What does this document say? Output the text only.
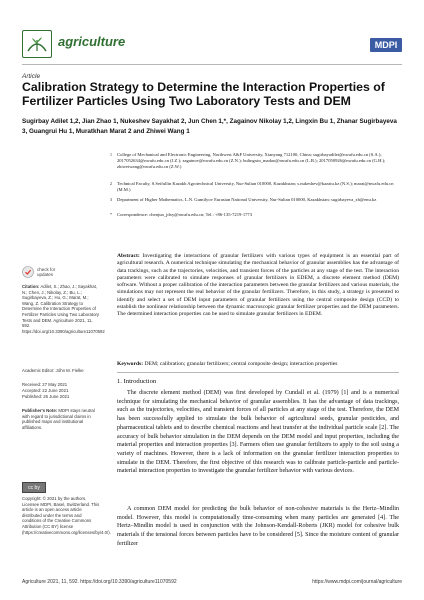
agriculture	MDPI
Article
Calibration Strategy to Determine the Interaction Properties of Fertilizer Particles Using Two Laboratory Tests and DEM
Sugirbay Adilet 1,2, Jian Zhao 1, Nukeshev Sayakhat 2, Jun Chen 1,*, Zagainov Nikolay 1,2, Lingxin Bu 1, Zhanar Sugirbayeva 3, Guangrui Hu 1, Muratkhan Marat 2 and Zhiwei Wang 1
1 College of Mechanical and Electronic Engineering, Northwest A&F University, Xianyang 712100, China; sugirbayadilet@nwafu.edu.cn (S.A.); 2017052634@nwafu.edu.cn (J.Z.); zagainov@nwafu.edu.cn (Z.N.); bulingxin_madao@nwafu.edu.cn (L.B.); 2017050926@nwafu.edu.cn (G.H.); zhiweiwang@nwafu.edu.cn (Z.W.)
2 Technical Faculty, S.Seifullin Kazakh Agrotechnical University, Nur-Sultan 010000, Kazakhstan; s.nukeshev@kazatu.kz (N.S.); marat@nwafu.edu.cn (M.M.)
3 Department of Higher Mathematics, L.N. Gumilyov Eurasian National University, Nur-Sultan 010000, Kazakhstan; sugirbayeva_zh@enu.kz
* Correspondence: chenjun_jdxy@nwafu.edu.cn; Tel.: +86-135-7219-1773
Abstract: Investigating the interactions of granular fertilizers with various types of equipment is an essential part of agricultural research. A numerical technique simulating the mechanical behavior of granular assemblies has the advantage of data trackings, such as the trajectories, velocities, and transient forces of the particles at any stage of the test. The interaction parameters were calibrated to simulate responses of granular fertilizers in EDEM, a discrete element method (DEM) software. Without a proper calibration of the interaction parameters between the granular fertilizers and various materials, the simulations may not represent the real behavior of the granular fertilizers. Therefore, in this study, a strategy is presented to identify and select a set of DEM input parameters of granular fertilizers using the central composite design (CCD) to establish the nonlinear relationship between the dynamic macroscopic granular fertilizer properties and the DEM parameters. The determined interaction properties can be used to simulate granular fertilizers in EDEM.
Keywords: DEM; calibration; granular fertilizers; central composite design; interaction properties
1. Introduction
The discrete element method (DEM) was first developed by Cundall et al. (1979) [1] and is a numerical technique for simulating the mechanical behavior of granular assemblies. It has the advantage of data trackings, such as the trajectories, velocities, and transient forces of all particles at any stage of the test. Therefore, the DEM has been successfully applied to simulate the bulk behavior of agricultural seeds, granular pesticides, and pharmaceutical tablets and to describe chemical reactions and heat transfer at the individual particle scale [2]. The accuracy of bulk behavior simulation in the DEM depends on the DEM model and input properties, including the material properties and interaction properties [3]. Farmers often use granular fertilizers to apply to the soil using a variety of machines. However, there is a lack of information on the granular fertilizer interaction properties to simulate in the DEM. Therefore, the first objective of this research was to calibrate particle-particle and particle-material interaction properties to investigate the granular fertilizer behavior with various devices.
A common DEM model for predicting the bulk behavior of non-cohesive materials is the Hertz–Mindlin model. However, this model is computationally time-consuming when many particles are generated [4]. The Hertz–Mindlin model is used in conjunction with the Johnson-Kendall-Roberts (JKR) model for cohesive bulk materials if the tensional forces between particles have to be considered [5]. Since the moisture content of granular fertilizer
check for updates
Citation: Adilet, S.; Zhao, J.; Sayakhat, N.; Chen, J.; Nikolay, Z.; Bu, L.; Sugirbayeva, Z.; Hu, G.; Marat, M.; Wang, Z. Calibration Strategy to Determine the Interaction Properties of Fertilizer Particles Using Two Laboratory Tests and DEM. Agriculture 2021, 11, 592. https://doi.org/10.3390/agriculture11070592
Academic Editor: Jóhn M. Fielke
Received: 27 May 2021
Accepted: 22 June 2021
Published: 26 June 2021
Publisher's Note: MDPI stays neutral with regard to jurisdictional claims in published maps and institutional affiliations.
cc by
Copyright: © 2021 by the authors. Licensee MDPI, Basel, Switzerland. This article is an open access article distributed under the terms and conditions of the Creative Commons Attribution (CC BY) license (https://creativecommons.org/licenses/by/4.0/).
Agriculture 2021, 11, 592. https://doi.org/10.3390/agriculture11070592	https://www.mdpi.com/journal/agriculture
